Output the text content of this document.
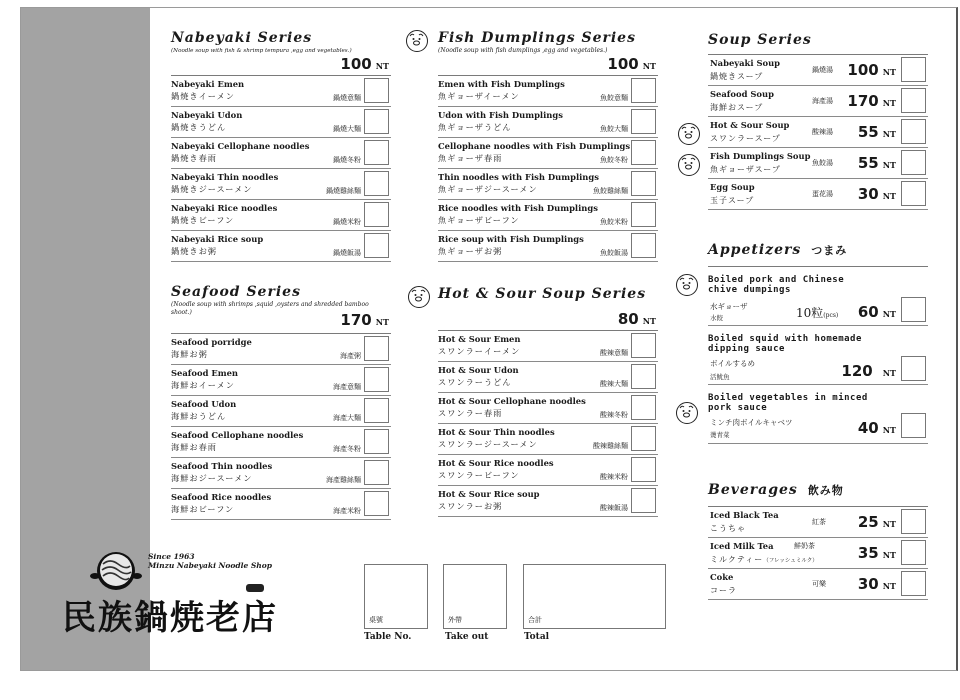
Nabeyaki Series
(Noodle soup with fish & shrimp tempura ,egg and vegetables.)
100 NT
Nabeyaki Emen
鍋焼きイーメン	鍋燒意麵
Nabeyaki Udon
鍋焼きうどん	鍋燒大麵
Nabeyaki Cellophane noodles
鍋焼き春雨	鍋燒冬粉
Nabeyaki Thin noodles
鍋焼きジースーメン	鍋燒雞絲麵
Nabeyaki Rice noodles
鍋焼きビーフン	鍋燒米粉
Nabeyaki Rice soup
鍋焼きお粥	鍋燒飯湯
Seafood Series
(Noodle soup with shrimps ,squid ,oysters and shredded bamboo shoot.)	170 NT
Seafood porridge
海鮮お粥	海產粥
Seafood Emen
海鮮おイーメン	海產意麵
Seafood Udon
海鮮おうどん	海產大麵
Seafood Cellophane noodles
海鮮お春雨	海產冬粉
Seafood Thin noodles
海鮮おジースーメン	海產雞絲麵
Seafood Rice noodles
海鮮おビーフン	海產米粉
Fish Dumplings Series
(Noodle soup with fish dumplings ,egg and vegetables.)
100 NT
Emen with Fish Dumplings
魚ギョーザイーメン	魚餃意麵
Udon with Fish Dumplings
魚ギョーザうどん	魚餃大麵
Cellophane noodles with Fish Dumplings
魚ギョーザ春雨	魚餃冬粉
Thin noodles with Fish Dumplings
魚ギョーザジースーメン	魚餃雞絲麵
Rice noodles with Fish Dumplings
魚ギョーザビーフン	魚餃米粉
Rice soup with Fish Dumplings
魚ギョーザお粥	魚餃飯湯
Hot & Sour Soup Series
80 NT
Hot & Sour Emen
スワンラーイーメン	酸辣意麵
Hot & Sour Udon
スワンラーうどん	酸辣大麵
Hot & Sour Cellophane noodles
スワンラー春雨	酸辣冬粉
Hot & Sour Thin noodles
スワンラージースーメン	酸辣雞絲麵
Hot & Sour Rice noodles
スワンラービーフン	酸辣米粉
Hot & Sour Rice soup
スワンラーお粥	酸辣飯湯
Soup Series
Nabeyaki Soup
鍋焼きスープ
鍋燒湯 100 NT
Seafood Soup
海鮮おスープ
海產湯 170 NT
Hot & Sour Soup
スワンラースープ
酸辣湯 55 NT
Fish Dumplings Soup
魚ギョーザスープ
魚餃湯 55 NT
Egg Soup
玉子スープ
蛋花湯 30 NT
Appetizers つまみ
Boiled pork and Chinese chive dumpings
水ギョーザ
水餃	10粒(pcs) 60 NT
Boiled squid with homemade dipping sauce
ボイルするめ
活魷魚	120 NT
Boiled vegetables in minced pork sauce
ミンチ肉ボイルキャベツ
燙青菜	40 NT
Beverages 飲み物
Iced Black Tea
こうちゃ
紅茶 25 NT
Iced Milk Tea
ミルクティー（フレッシュミルク）
鮮奶茶	35 NT
Coke
コーラ
可樂 30 NT
桌號
Table No.
外帶
Take out
合計
Total
Since 1963
Minzu Nabeyaki Noodle Shop
民族鍋焼老店
